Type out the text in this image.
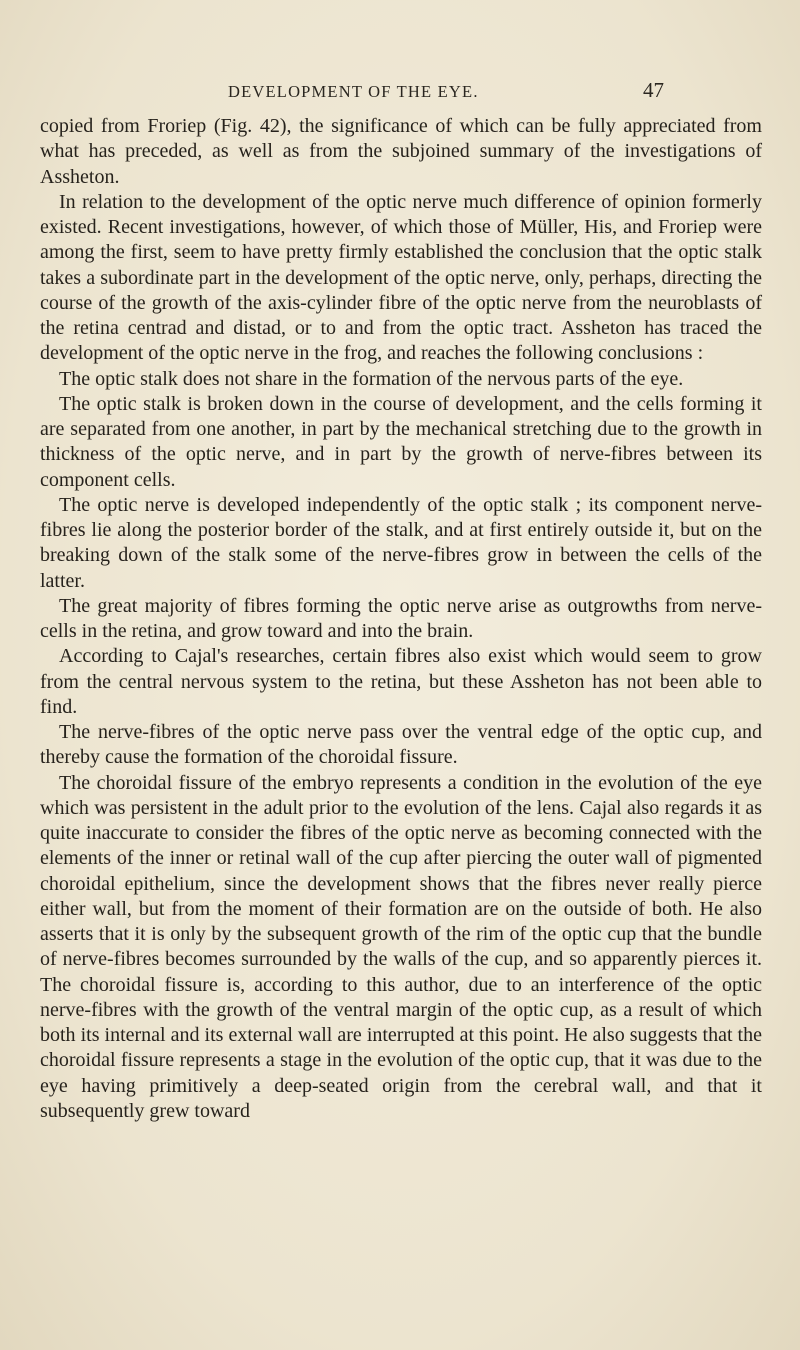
DEVELOPMENT OF THE EYE.	47

copied from Froriep (Fig. 42), the significance of which can be fully appreciated from what has preceded, as well as from the subjoined summary of the investigations of Assheton.

In relation to the development of the optic nerve much difference of opinion formerly existed. Recent investigations, however, of which those of Müller, His, and Froriep were among the first, seem to have pretty firmly established the conclusion that the optic stalk takes a subordinate part in the development of the optic nerve, only, perhaps, directing the course of the growth of the axis-cylinder fibre of the optic nerve from the neuroblasts of the retina centrad and distad, or to and from the optic tract. Assheton has traced the development of the optic nerve in the frog, and reaches the following conclusions :

The optic stalk does not share in the formation of the nervous parts of the eye.

The optic stalk is broken down in the course of development, and the cells forming it are separated from one another, in part by the mechanical stretching due to the growth in thickness of the optic nerve, and in part by the growth of nerve-fibres between its component cells.

The optic nerve is developed independently of the optic stalk ; its component nerve-fibres lie along the posterior border of the stalk, and at first entirely outside it, but on the breaking down of the stalk some of the nerve-fibres grow in between the cells of the latter.

The great majority of fibres forming the optic nerve arise as outgrowths from nerve-cells in the retina, and grow toward and into the brain.

According to Cajal's researches, certain fibres also exist which would seem to grow from the central nervous system to the retina, but these Assheton has not been able to find.

The nerve-fibres of the optic nerve pass over the ventral edge of the optic cup, and thereby cause the formation of the choroidal fissure.

The choroidal fissure of the embryo represents a condition in the evolution of the eye which was persistent in the adult prior to the evolution of the lens. Cajal also regards it as quite inaccurate to consider the fibres of the optic nerve as becoming connected with the elements of the inner or retinal wall of the cup after piercing the outer wall of pigmented choroidal epithelium, since the development shows that the fibres never really pierce either wall, but from the moment of their formation are on the outside of both. He also asserts that it is only by the subsequent growth of the rim of the optic cup that the bundle of nerve-fibres becomes surrounded by the walls of the cup, and so apparently pierces it. The choroidal fissure is, according to this author, due to an interference of the optic nerve-fibres with the growth of the ventral margin of the optic cup, as a result of which both its internal and its external wall are interrupted at this point. He also suggests that the choroidal fissure represents a stage in the evolution of the optic cup, that it was due to the eye having primitively a deep-seated origin from the cerebral wall, and that it subsequently grew toward
